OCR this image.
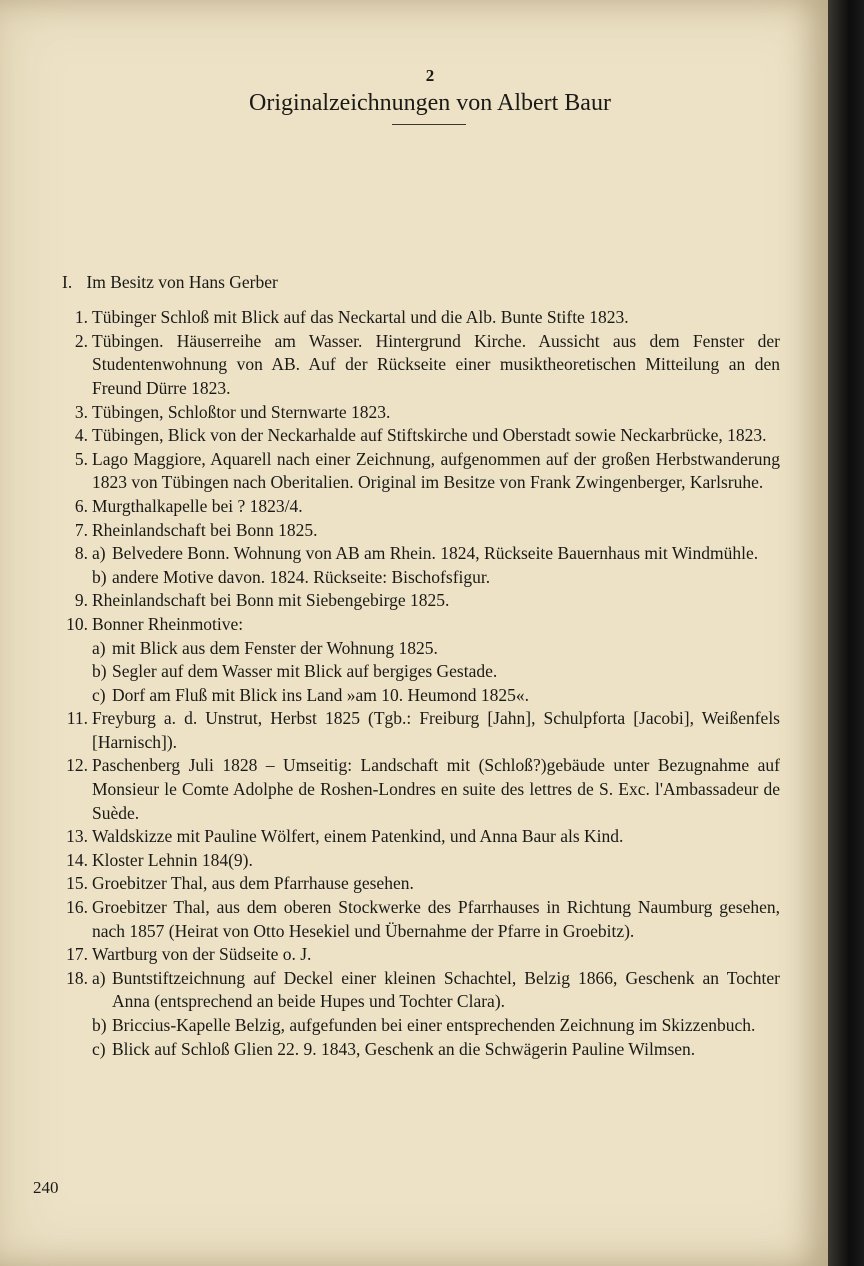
2
Originalzeichnungen von Albert Baur
I. Im Besitz von Hans Gerber
1. Tübinger Schloß mit Blick auf das Neckartal und die Alb. Bunte Stifte 1823.
2. Tübingen. Häuserreihe am Wasser. Hintergrund Kirche. Aussicht aus dem Fenster der Studentenwohnung von AB. Auf der Rückseite einer musiktheoretischen Mitteilung an den Freund Dürre 1823.
3. Tübingen, Schloßtor und Sternwarte 1823.
4. Tübingen, Blick von der Neckarhalde auf Stiftskirche und Oberstadt sowie Neckarbrücke, 1823.
5. Lago Maggiore, Aquarell nach einer Zeichnung, aufgenommen auf der großen Herbstwanderung 1823 von Tübingen nach Oberitalien. Original im Besitze von Frank Zwingenberger, Karlsruhe.
6. Murgthalkapelle bei ? 1823/4.
7. Rheinlandschaft bei Bonn 1825.
8. a) Belvedere Bonn. Wohnung von AB am Rhein. 1824, Rückseite Bauernhaus mit Windmühle.
b) andere Motive davon. 1824. Rückseite: Bischofsfigur.
9. Rheinlandschaft bei Bonn mit Siebengebirge 1825.
10. Bonner Rheinmotive:
a) mit Blick aus dem Fenster der Wohnung 1825.
b) Segler auf dem Wasser mit Blick auf bergiges Gestade.
c) Dorf am Fluß mit Blick ins Land »am 10. Heumond 1825«.
11. Freyburg a. d. Unstrut, Herbst 1825 (Tgb.: Freiburg [Jahn], Schulpforta [Jacobi], Weißenfels [Harnisch]).
12. Paschenberg Juli 1828 – Umseitig: Landschaft mit (Schloß?)gebäude unter Bezugnahme auf Monsieur le Comte Adolphe de Roshen-Londres en suite des lettres de S. Exc. l'Ambassadeur de Suède.
13. Waldskizze mit Pauline Wölfert, einem Patenkind, und Anna Baur als Kind.
14. Kloster Lehnin 184(9).
15. Groebitzer Thal, aus dem Pfarrhause gesehen.
16. Groebitzer Thal, aus dem oberen Stockwerke des Pfarrhauses in Richtung Naumburg gesehen, nach 1857 (Heirat von Otto Hesekiel und Übernahme der Pfarre in Groebitz).
17. Wartburg von der Südseite o. J.
18. a) Buntstiftzeichnung auf Deckel einer kleinen Schachtel, Belzig 1866, Geschenk an Tochter Anna (entsprechend an beide Hupes und Tochter Clara).
b) Briccius-Kapelle Belzig, aufgefunden bei einer entsprechenden Zeichnung im Skizzenbuch.
c) Blick auf Schloß Glien 22. 9. 1843, Geschenk an die Schwägerin Pauline Wilmsen.
240
